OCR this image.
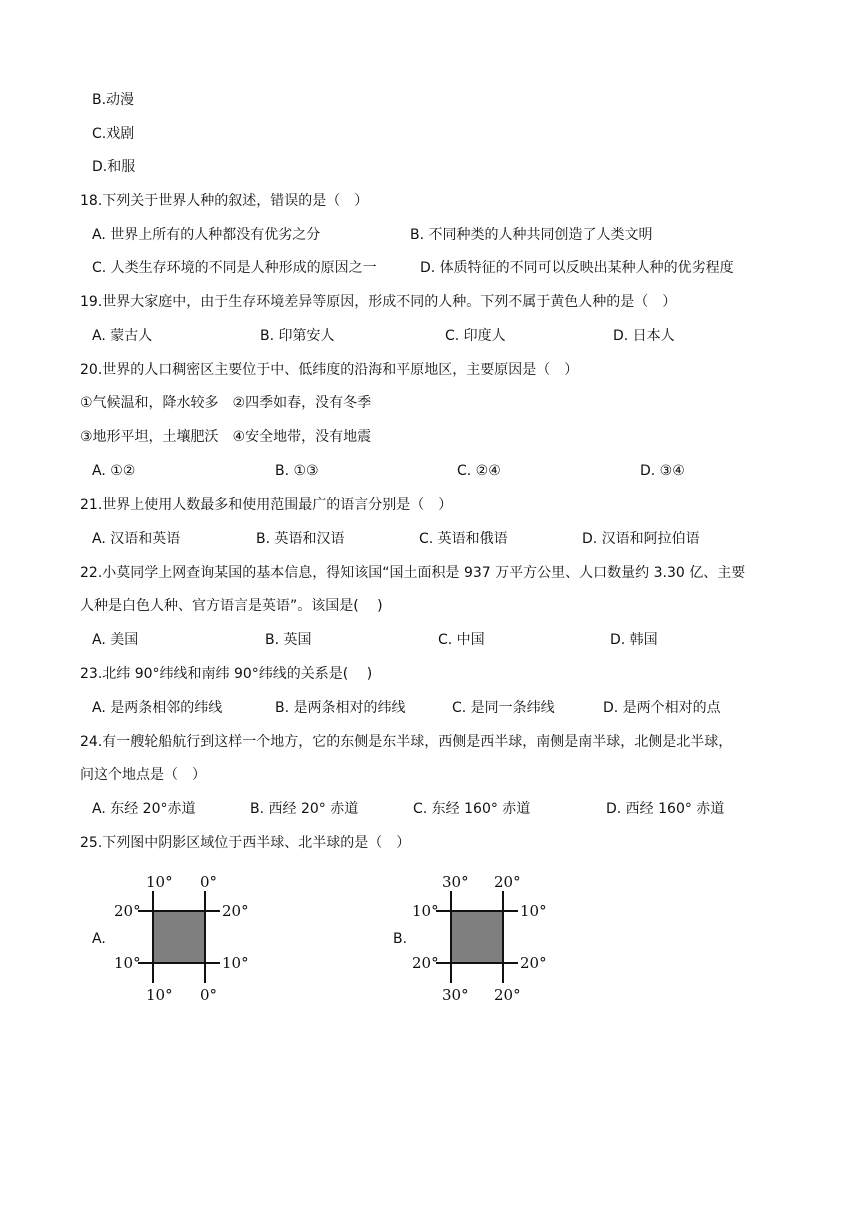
B.动漫
C.戏剧
D.和服
18.下列关于世界人种的叙述，错误的是（　）
A. 世界上所有的人种都没有优劣之分	B. 不同种类的人种共同创造了人类文明
C. 人类生存环境的不同是人种形成的原因之一	D. 体质特征的不同可以反映出某种人种的优劣程度
19.世界大家庭中，由于生存环境差异等原因，形成不同的人种。下列不属于黄色人种的是（　）
A. 蒙古人	B. 印第安人	C. 印度人	D. 日本人
20.世界的人口稠密区主要位于中、低纬度的沿海和平原地区，主要原因是（　）
①气候温和，降水较多　②四季如春，没有冬季
③地形平坦，土壤肥沃　④安全地带，没有地震
A. ①②	B. ①③	C. ②④	D. ③④
21.世界上使用人数最多和使用范围最广的语言分别是（　）
A. 汉语和英语	B. 英语和汉语	C. 英语和俄语	D. 汉语和阿拉伯语
22.小莫同学上网查询某国的基本信息，得知该国“国土面积是 937 万平方公里、人口数量约 3.30 亿、主要
人种是白色人种、官方语言是英语”。该国是(　 )
A. 美国	B. 英国	C. 中国	D. 韩国
23.北纬 90°纬线和南纬 90°纬线的关系是(　 )
A. 是两条相邻的纬线	B. 是两条相对的纬线	C. 是同一条纬线	D. 是两个相对的点
24.有一艘轮船航行到这样一个地方，它的东侧是东半球，西侧是西半球，南侧是南半球，北侧是北半球，
问这个地点是（　）
A. 东经 20°赤道	B. 西经 20° 赤道	C. 东经 160° 赤道	D. 西经 160° 赤道
25.下列图中阴影区域位于西半球、北半球的是（　）
A.
10° 0°
10° 0°
20°
10°
20°
10°
B.
30° 20°
30° 20°
10°
20°
10°
20°
